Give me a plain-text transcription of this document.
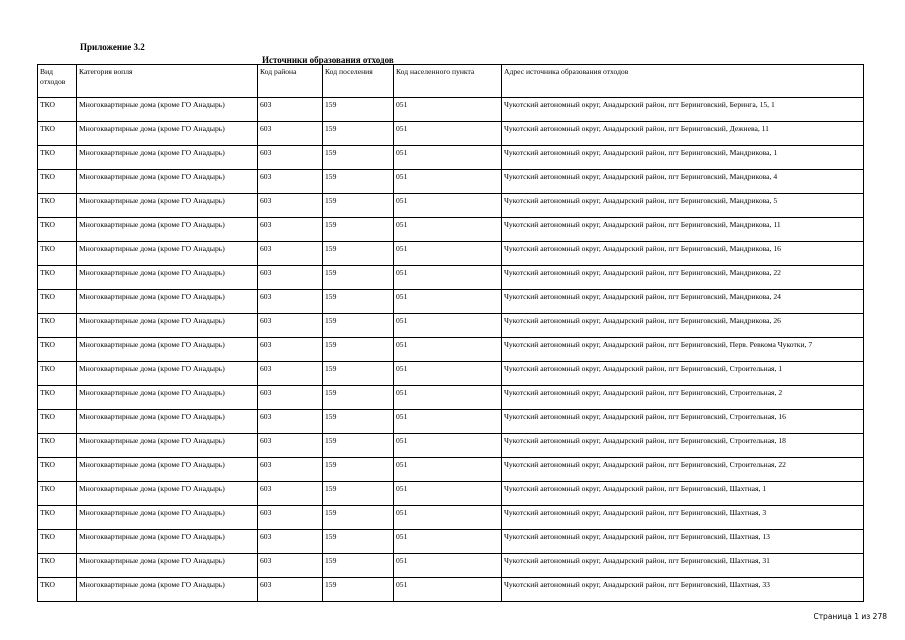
Приложение 3.2
Источники образования отходов
Вид отходов	Категория вопля	Код района	Код поселения	Код населенного пункта	Адрес источника образования отходов
ТКО	Многоквартирные дома (кроме ГО Анадырь)	603	159	051	Чукотский автономный округ, Анадырский район, пгт Беринговский, Беринга, 15, 1
ТКО	Многоквартирные дома (кроме ГО Анадырь)	603	159	051	Чукотский автономный округ, Анадырский район, пгт Беринговский, Дежнева, 11
ТКО	Многоквартирные дома (кроме ГО Анадырь)	603	159	051	Чукотский автономный округ, Анадырский район, пгт Беринговский, Мандрикова, 1
ТКО	Многоквартирные дома (кроме ГО Анадырь)	603	159	051	Чукотский автономный округ, Анадырский район, пгт Беринговский, Мандрикова, 4
ТКО	Многоквартирные дома (кроме ГО Анадырь)	603	159	051	Чукотский автономный округ, Анадырский район, пгт Беринговский, Мандрикова, 5
ТКО	Многоквартирные дома (кроме ГО Анадырь)	603	159	051	Чукотский автономный округ, Анадырский район, пгт Беринговский, Мандрикова, 11
ТКО	Многоквартирные дома (кроме ГО Анадырь)	603	159	051	Чукотский автономный округ, Анадырский район, пгт Беринговский, Мандрикова, 16
ТКО	Многоквартирные дома (кроме ГО Анадырь)	603	159	051	Чукотский автономный округ, Анадырский район, пгт Беринговский, Мандрикова, 22
ТКО	Многоквартирные дома (кроме ГО Анадырь)	603	159	051	Чукотский автономный округ, Анадырский район, пгт Беринговский, Мандрикова, 24
ТКО	Многоквартирные дома (кроме ГО Анадырь)	603	159	051	Чукотский автономный округ, Анадырский район, пгт Беринговский, Мандрикова, 26
ТКО	Многоквартирные дома (кроме ГО Анадырь)	603	159	051	Чукотский автономный округ, Анадырский район, пгт Беринговский, Перв. Ревкома Чукотки, 7
ТКО	Многоквартирные дома (кроме ГО Анадырь)	603	159	051	Чукотский автономный округ, Анадырский район, пгт Беринговский, Строительная, 1
ТКО	Многоквартирные дома (кроме ГО Анадырь)	603	159	051	Чукотский автономный округ, Анадырский район, пгт Беринговский, Строительная, 2
ТКО	Многоквартирные дома (кроме ГО Анадырь)	603	159	051	Чукотский автономный округ, Анадырский район, пгт Беринговский, Строительная, 16
ТКО	Многоквартирные дома (кроме ГО Анадырь)	603	159	051	Чукотский автономный округ, Анадырский район, пгт Беринговский, Строительная, 18
ТКО	Многоквартирные дома (кроме ГО Анадырь)	603	159	051	Чукотский автономный округ, Анадырский район, пгт Беринговский, Строительная, 22
ТКО	Многоквартирные дома (кроме ГО Анадырь)	603	159	051	Чукотский автономный округ, Анадырский район, пгт Беринговский, Шахтная, 1
ТКО	Многоквартирные дома (кроме ГО Анадырь)	603	159	051	Чукотский автономный округ, Анадырский район, пгт Беринговский, Шахтная, 3
ТКО	Многоквартирные дома (кроме ГО Анадырь)	603	159	051	Чукотский автономный округ, Анадырский район, пгт Беринговский, Шахтная, 13
ТКО	Многоквартирные дома (кроме ГО Анадырь)	603	159	051	Чукотский автономный округ, Анадырский район, пгт Беринговский, Шахтная, 31
ТКО	Многоквартирные дома (кроме ГО Анадырь)	603	159	051	Чукотский автономный округ, Анадырский район, пгт Беринговский, Шахтная, 33
Страница 1 из 278
